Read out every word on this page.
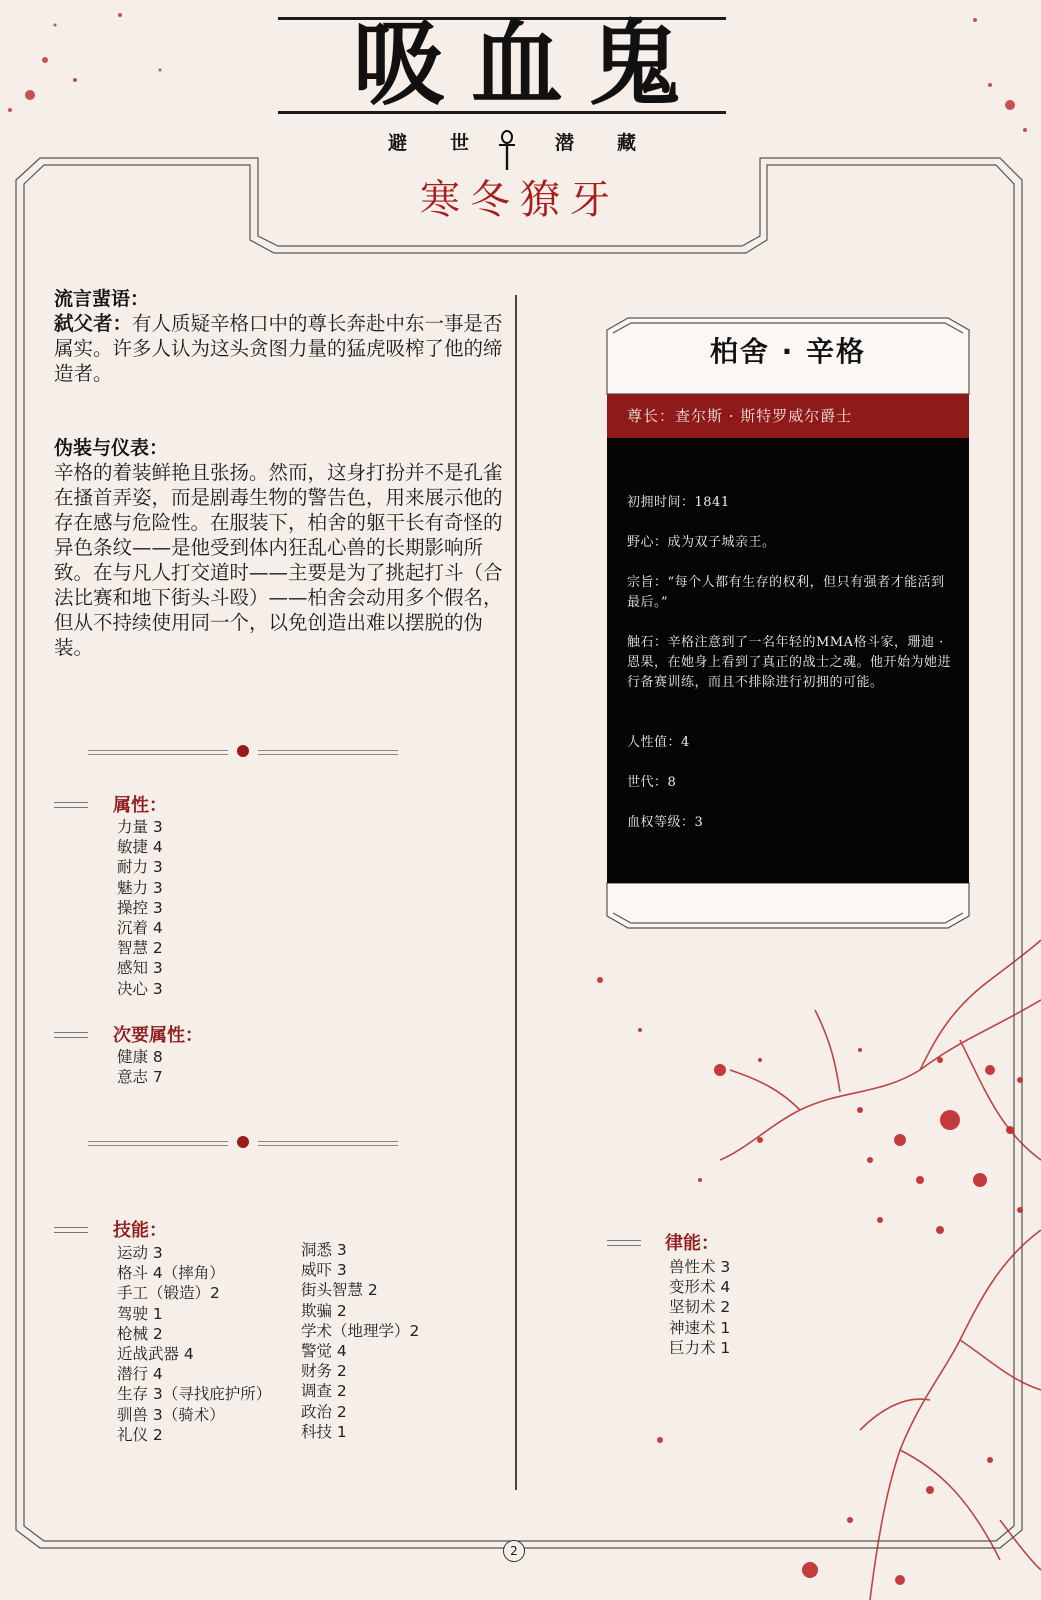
吸血鬼
避 世	潜 藏
寒冬獠牙
流言蜚语：
弑父者：有人质疑辛格口中的尊长奔赴中东一事是否属实。许多人认为这头贪图力量的猛虎吸榨了他的缔造者。
伪装与仪表：
辛格的着装鲜艳且张扬。然而，这身打扮并不是孔雀在搔首弄姿，而是剧毒生物的警告色，用来展示他的存在感与危险性。在服装下，柏舍的躯干长有奇怪的异色条纹——是他受到体内狂乱心兽的长期影响所致。在与凡人打交道时——主要是为了挑起打斗（合法比赛和地下街头斗殴）——柏舍会动用多个假名，但从不持续使用同一个，以免创造出难以摆脱的伪装。
属性：
力量 3
敏捷 4
耐力 3
魅力 3
操控 3
沉着 4
智慧 2
感知 3
决心 3
次要属性：
健康 8
意志 7
技能：
运动 3
格斗 4（摔角）
手工（锻造）2
驾驶 1
枪械 2
近战武器 4
潜行 4
生存 3（寻找庇护所）
驯兽 3（骑术）
礼仪 2
洞悉 3
威吓 3
街头智慧 2
欺骗 2
学术（地理学）2
警觉 4
财务 2
调查 2
政治 2
科技 1
律能：
兽性术 3
变形术 4
坚韧术 2
神速术 1
巨力术 1
柏舍 · 辛格
尊长：查尔斯 · 斯特罗威尔爵士
初拥时间：1841
野心：成为双子城亲王。
宗旨：“每个人都有生存的权利，但只有强者才能活到最后。”
触石：辛格注意到了一名年轻的MMA格斗家，珊迪 · 恩果，在她身上看到了真正的战士之魂。他开始为她进行备赛训练，而且不排除进行初拥的可能。
人性值：4
世代：8
血权等级：3
2
